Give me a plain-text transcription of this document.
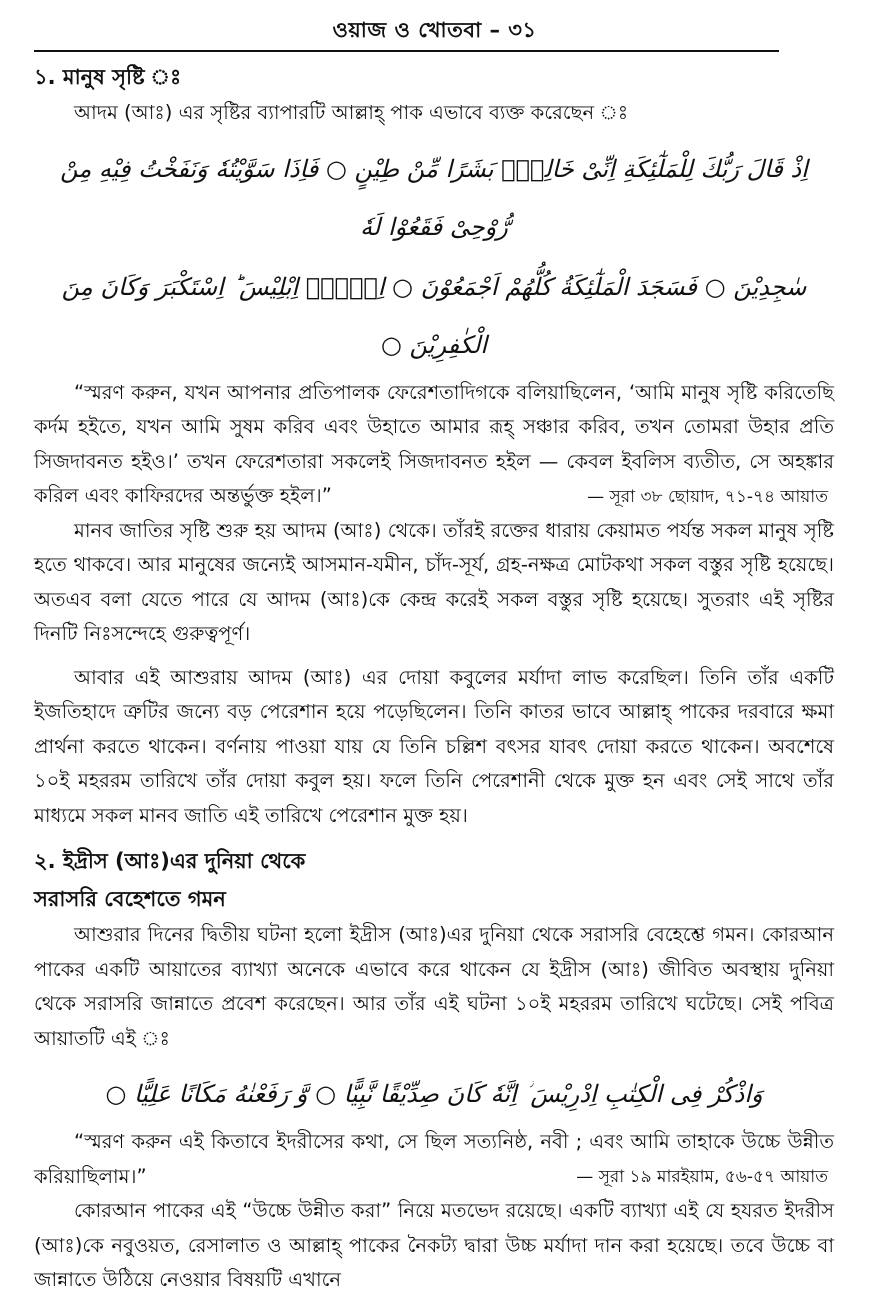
ওয়াজ ও খোতবা – ৩১

১. মানুষ সৃষ্টি ঃ

আদম (আঃ) এর সৃষ্টির ব্যাপারটি আল্লাহ্ পাক এভাবে ব্যক্ত করেছেন ঃ

اِذْ قَالَ رَبُّكَ لِلْمَلٰٓئِكَةِ اِنِّیْ خَالِقٌۢ بَشَرًا مِّنْ طِیْنٍ ○ فَاِذَا سَوَّیْتُهٗ وَنَفَخْتُ فِیْهِ مِنْ رُّوْحِیْ فَقَعُوْا لَهٗ
سٰجِدِیْنَ ○ فَسَجَدَ الْمَلٰٓئِكَةُ كُلُّهُمْ اَجْمَعُوْنَ ○ اِلَّاۤ اِبْلِیْسَ ؕ اِسْتَكْبَرَ وَكَانَ مِنَ الْكٰفِرِیْنَ ○

“স্মরণ করুন, যখন আপনার প্রতিপালক ফেরেশতাদিগকে বলিয়াছিলেন, ‘আমি মানুষ সৃষ্টি করিতেছি কর্দম হইতে, যখন আমি সুষম করিব এবং উহাতে আমার রূহ্ সঞ্চার করিব, তখন তোমরা উহার প্রতি সিজদাবনত হইও।’ তখন ফেরেশতারা সকলেই সিজদাবনত হইল — কেবল ইবলিস ব্যতীত, সে অহঙ্কার করিল এবং কাফিরদের অন্তর্ভুক্ত হইল।”	— সূরা ৩৮ ছোয়াদ, ৭১-৭৪ আয়াত

মানব জাতির সৃষ্টি শুরু হয় আদম (আঃ) থেকে। তাঁরই রক্তের ধারায় কেয়ামত পর্যন্ত সকল মানুষ সৃষ্টি হতে থাকবে। আর মানুষের জন্যেই আসমান-যমীন, চাঁদ-সূর্য, গ্রহ-নক্ষত্র মোটকথা সকল বস্তুর সৃষ্টি হয়েছে। অতএব বলা যেতে পারে যে আদম (আঃ)কে কেন্দ্র করেই সকল বস্তুর সৃষ্টি হয়েছে। সুতরাং এই সৃষ্টির দিনটি নিঃসন্দেহে গুরুত্বপূর্ণ।

আবার এই আশুরায় আদম (আঃ) এর দোয়া কবুলের মর্যাদা লাভ করেছিল। তিনি তাঁর একটি ইজতিহাদে ত্রুটির জন্যে বড় পেরেশান হয়ে পড়েছিলেন। তিনি কাতর ভাবে আল্লাহ্ পাকের দরবারে ক্ষমা প্রার্থনা করতে থাকেন। বর্ণনায় পাওয়া যায় যে তিনি চল্লিশ বৎসর যাবৎ দোয়া করতে থাকেন। অবশেষে ১০ই মহররম তারিখে তাঁর দোয়া কবুল হয়। ফলে তিনি পেরেশানী থেকে মুক্ত হন এবং সেই সাথে তাঁর মাধ্যমে সকল মানব জাতি এই তারিখে পেরেশান মুক্ত হয়।

২. ইদ্রীস (আঃ)এর দুনিয়া থেকে

সরাসরি বেহেশতে গমন

আশুরার দিনের দ্বিতীয় ঘটনা হলো ইদ্রীস (আঃ)এর দুনিয়া থেকে সরাসরি বেহেশ্তে গমন। কোরআন পাকের একটি আয়াতের ব্যাখ্যা অনেকে এভাবে করে থাকেন যে ইদ্রীস (আঃ) জীবিত অবস্থায় দুনিয়া থেকে সরাসরি জান্নাতে প্রবেশ করেছেন। আর তাঁর এই ঘটনা ১০ই মহররম তারিখে ঘটেছে। সেই পবিত্র আয়াতটি এই ঃ

وَاذْكُرْ فِی الْكِتٰبِ اِدْرِیْسَ ؗ اِنَّهٗ كَانَ صِدِّیْقًا نَّبِیًّا ○ وَّ رَفَعْنٰهُ مَكَانًا عَلِیًّا ○

“স্মরণ করুন এই কিতাবে ইদরীসের কথা, সে ছিল সত্যনিষ্ঠ, নবী ; এবং আমি তাহাকে উচ্চে উন্নীত করিয়াছিলাম।”	— সূরা ১৯ মারইয়াম, ৫৬-৫৭ আয়াত

কোরআন পাকের এই “উচ্চে উন্নীত করা” নিয়ে মতভেদ রয়েছে। একটি ব্যাখ্যা এই যে হযরত ইদরীস (আঃ)কে নবুওয়ত, রেসালাত ও আল্লাহ্ পাকের নৈকট্য দ্বারা উচ্চ মর্যাদা দান করা হয়েছে। তবে উচ্চে বা জান্নাতে উঠিয়ে নেওয়ার বিষয়টি এখানে
